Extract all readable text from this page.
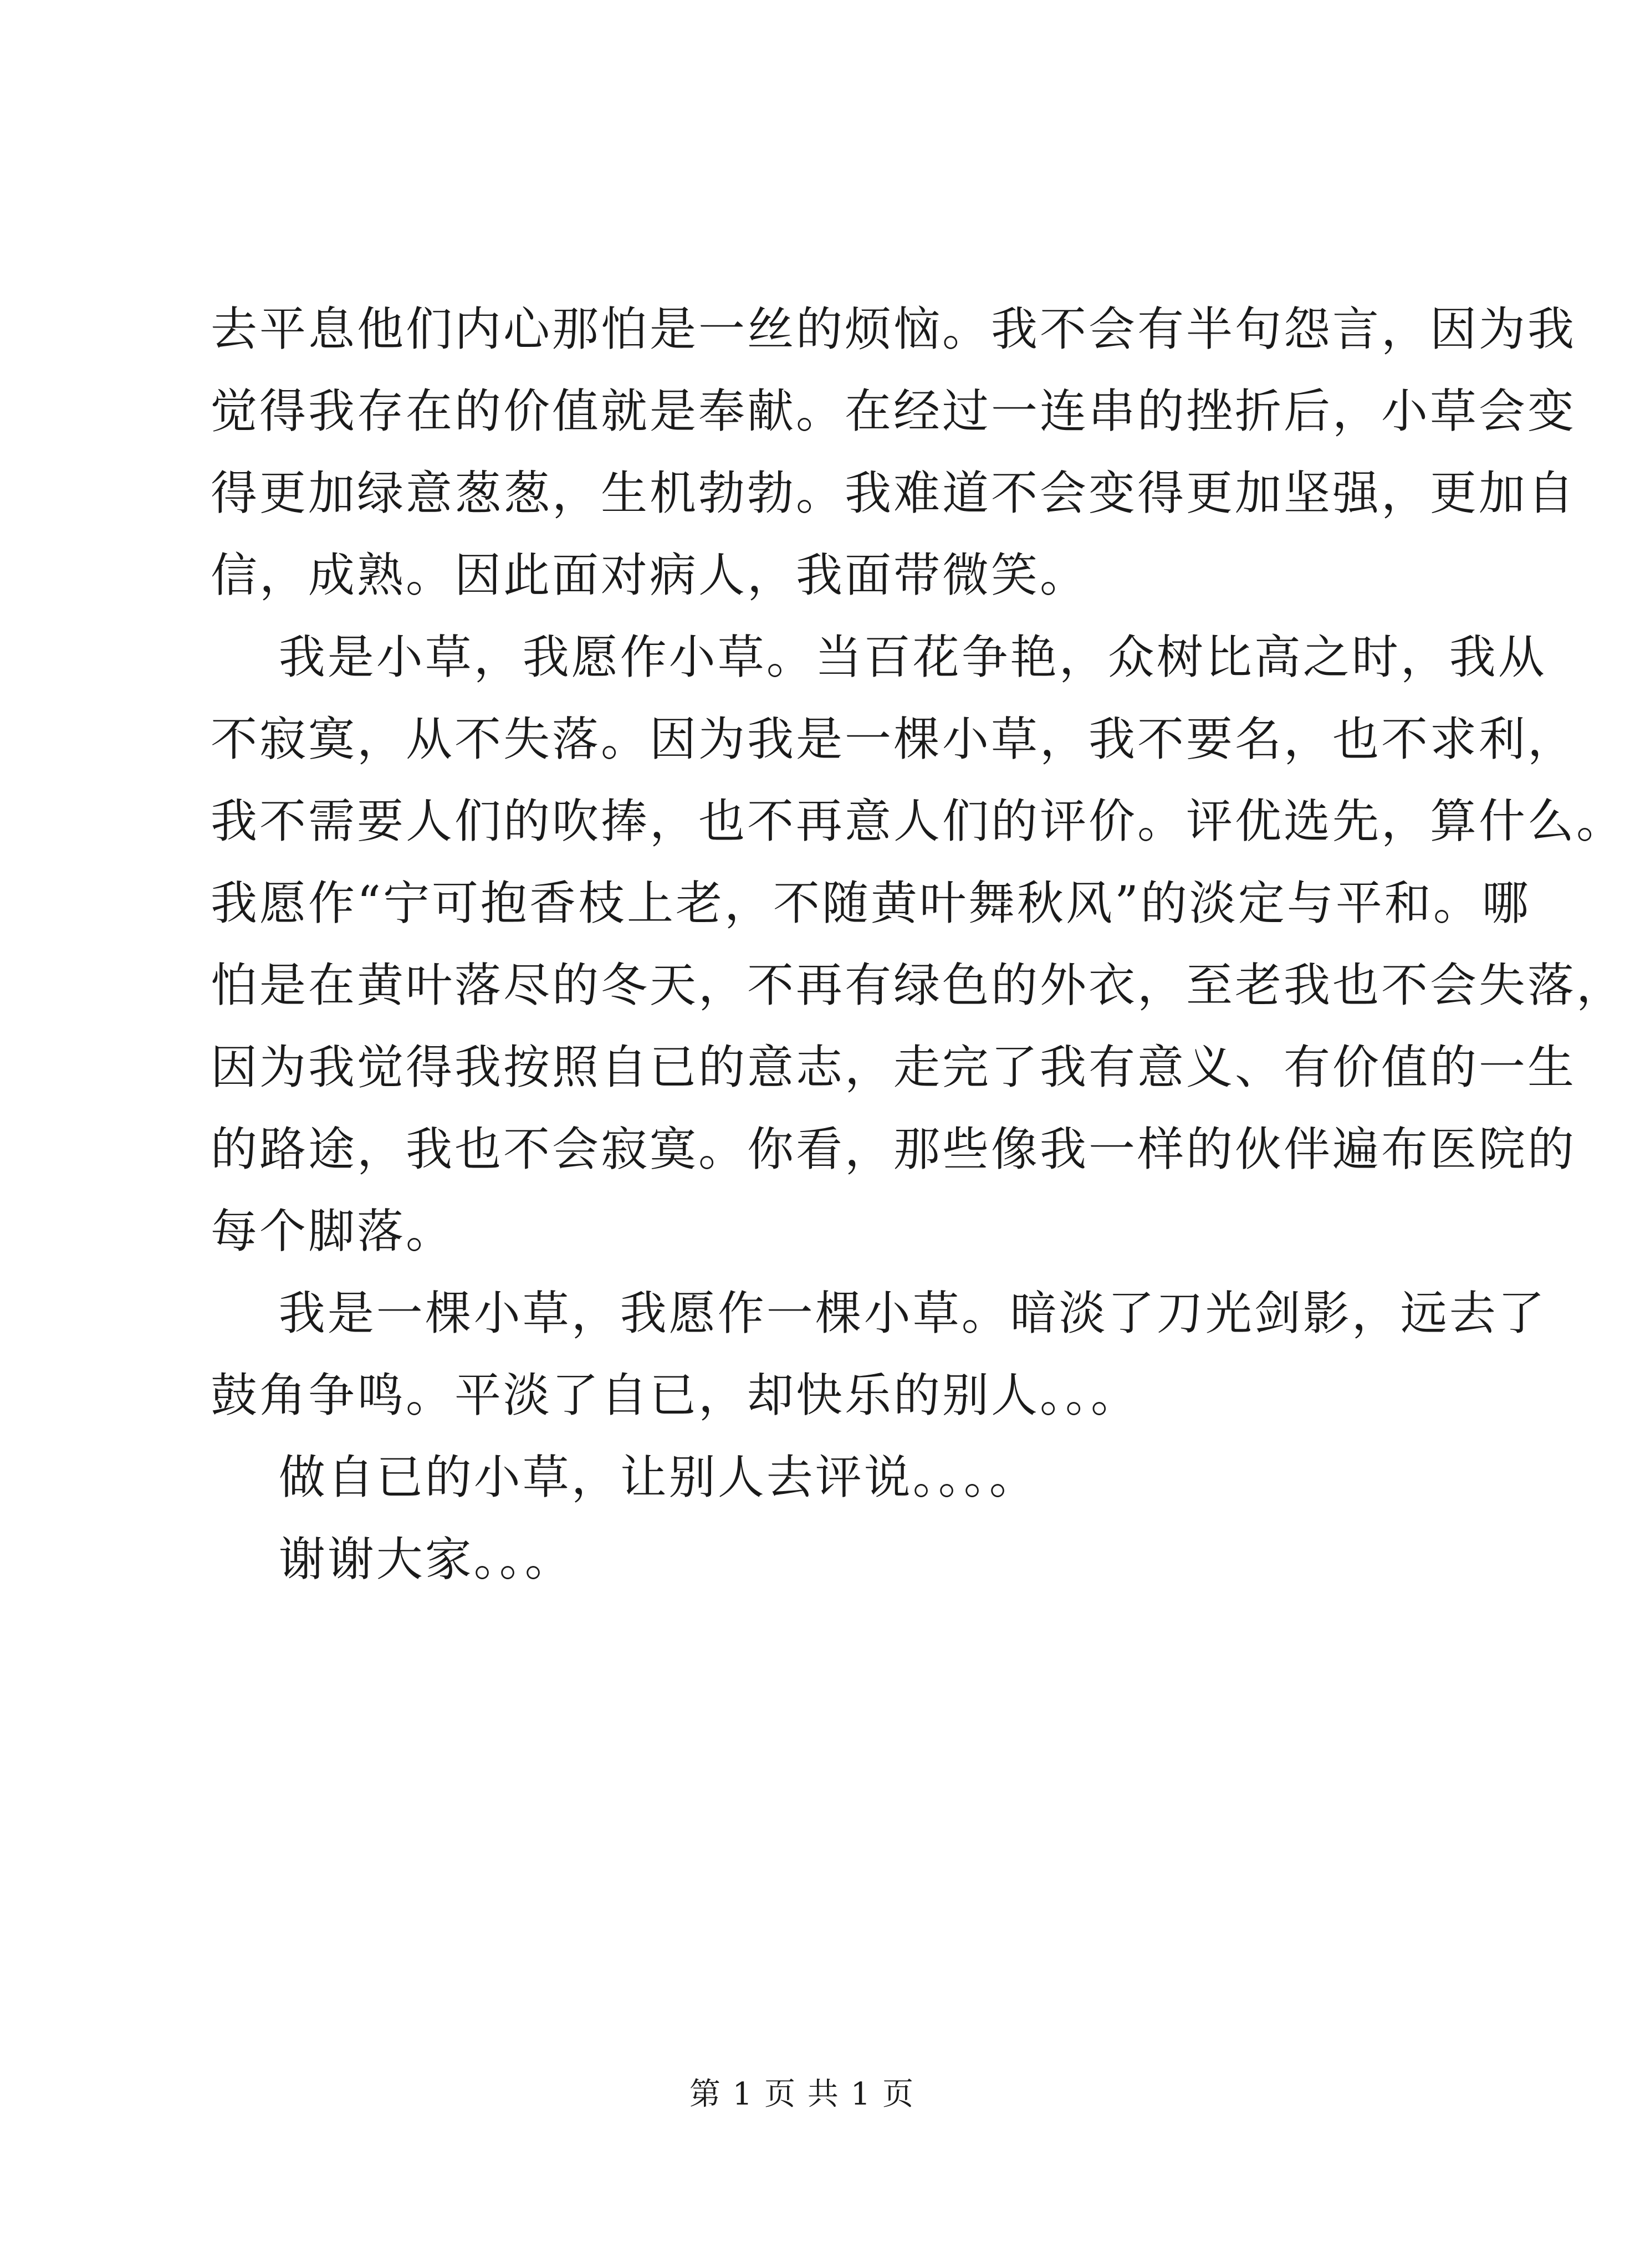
去平息他们内心那怕是一丝的烦恼。我不会有半句怨言，因为我
觉得我存在的价值就是奉献。在经过一连串的挫折后，小草会变
得更加绿意葱葱，生机勃勃。我难道不会变得更加坚强，更加自
信，成熟。因此面对病人，我面带微笑。
我是小草，我愿作小草。当百花争艳，众树比高之时，我从
不寂寞，从不失落。因为我是一棵小草，我不要名，也不求利，
我不需要人们的吹捧，也不再意人们的评价。评优选先，算什么。
我愿作“宁可抱香枝上老，不随黄叶舞秋风”的淡定与平和。哪
怕是在黄叶落尽的冬天，不再有绿色的外衣，至老我也不会失落，
因为我觉得我按照自已的意志，走完了我有意义、有价值的一生
的路途，我也不会寂寞。你看，那些像我一样的伙伴遍布医院的
每个脚落。
我是一棵小草，我愿作一棵小草。暗淡了刀光剑影，远去了
鼓角争鸣。平淡了自已，却快乐的别人。。。
做自已的小草，让别人去评说。。。。
谢谢大家。。。
第 1 页 共 1 页
